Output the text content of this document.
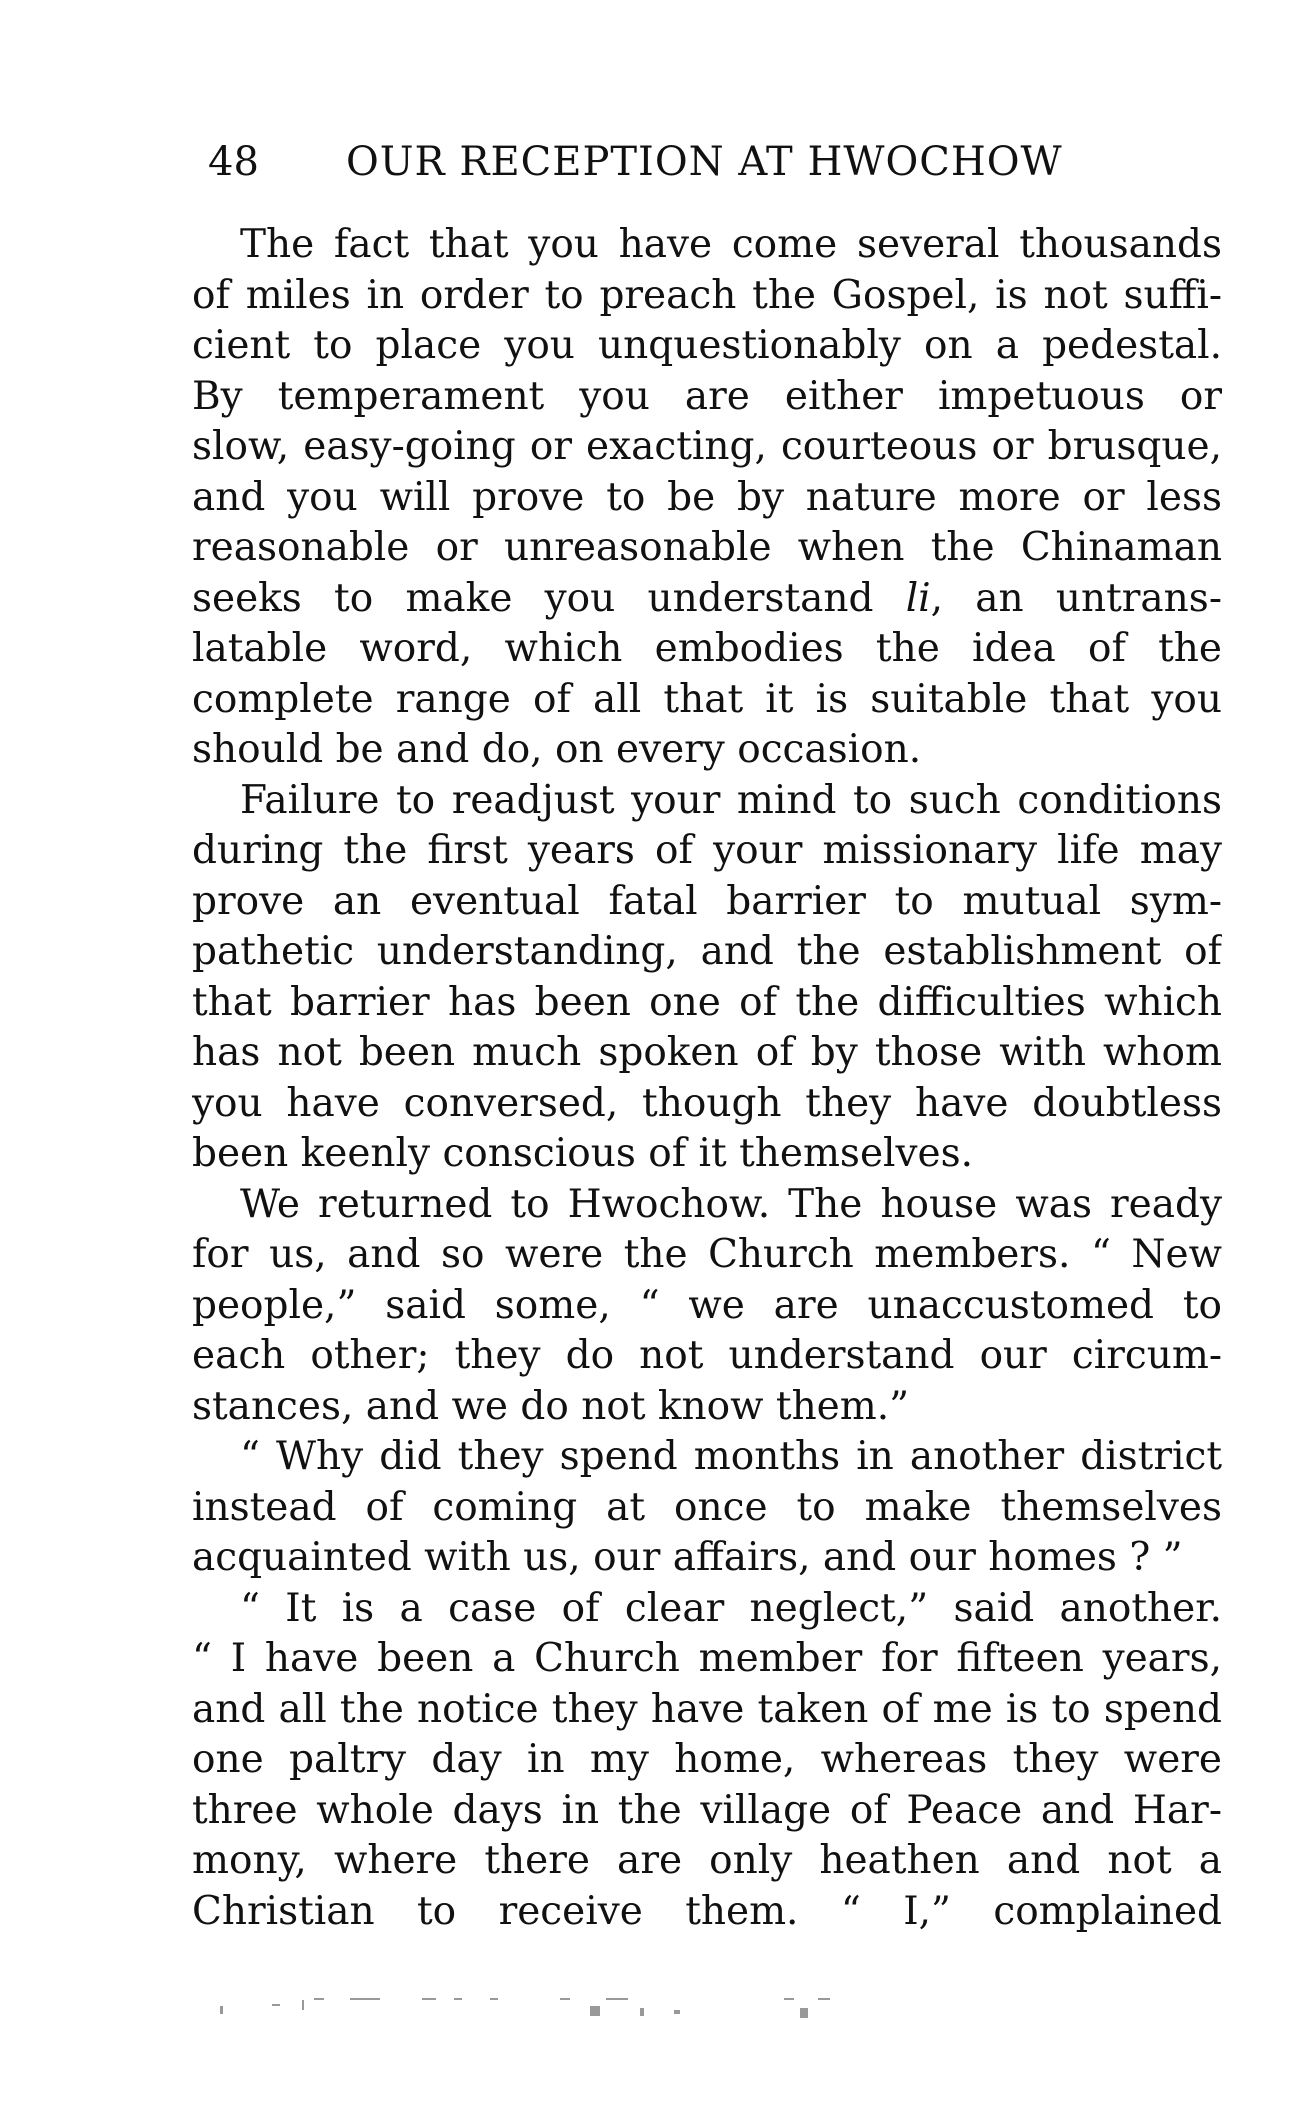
48 OUR RECEPTION AT HWOCHOW
The fact that you have come several thousands
of miles in order to preach the Gospel, is not suffi-
cient to place you unquestionably on a pedestal.
By temperament you are either impetuous or
slow, easy-going or exacting, courteous or brusque,
and you will prove to be by nature more or less
reasonable or unreasonable when the Chinaman
seeks to make you understand li, an untrans-
latable word, which embodies the idea of the
complete range of all that it is suitable that you
should be and do, on every occasion.
Failure to readjust your mind to such conditions
during the first years of your missionary life may
prove an eventual fatal barrier to mutual sym-
pathetic understanding, and the establishment of
that barrier has been one of the difficulties which
has not been much spoken of by those with whom
you have conversed, though they have doubtless
been keenly conscious of it themselves.
We returned to Hwochow. The house was ready
for us, and so were the Church members. “ New
people,” said some, “ we are unaccustomed to
each other; they do not understand our circum-
stances, and we do not know them.”
“ Why did they spend months in another district
instead of coming at once to make themselves
acquainted with us, our affairs, and our homes ? ”
“ It is a case of clear neglect,” said another.
“ I have been a Church member for fifteen years,
and all the notice they have taken of me is to spend
one paltry day in my home, whereas they were
three whole days in the village of Peace and Har-
mony, where there are only heathen and not a
Christian to receive them. “ I,” complained
